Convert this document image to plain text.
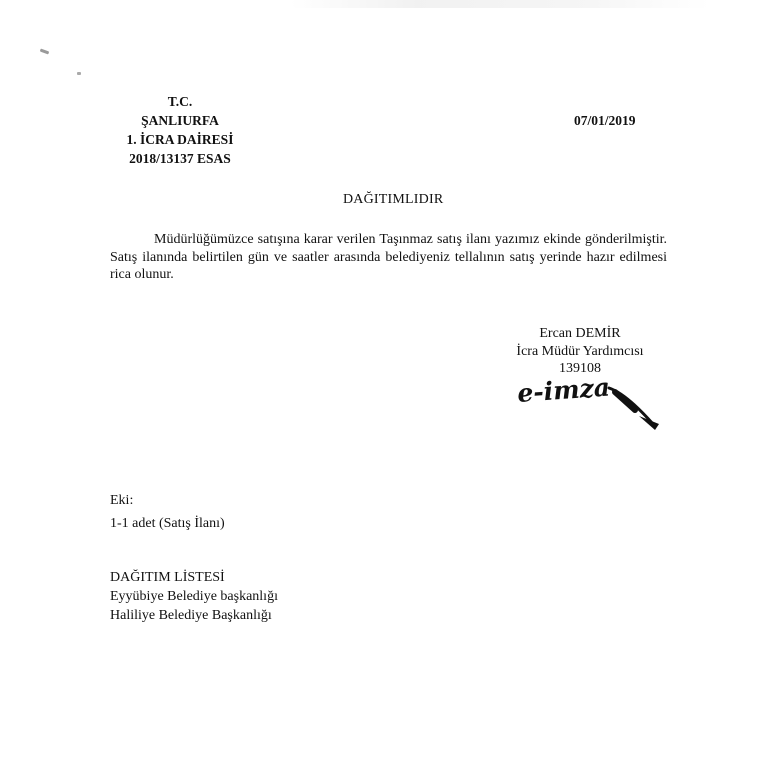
T.C.
ŞANLIURFA
1. İCRA DAİRESİ
2018/13137 ESAS
07/01/2019
DAĞITIMLIDIR
Müdürlüğümüzce satışına karar verilen Taşınmaz satış ilanı yazımız ekinde gönderilmiştir. Satış ilanında belirtilen gün ve saatler arasında belediyeniz tellalının satış yerinde hazır edilmesi rica olunur.
Ercan DEMİR
İcra Müdür Yardımcısı
139108
e-imza
Eki:
1-1 adet (Satış İlanı)
DAĞITIM LİSTESİ
Eyyübiye Belediye başkanlığı
Haliliye Belediye Başkanlığı
